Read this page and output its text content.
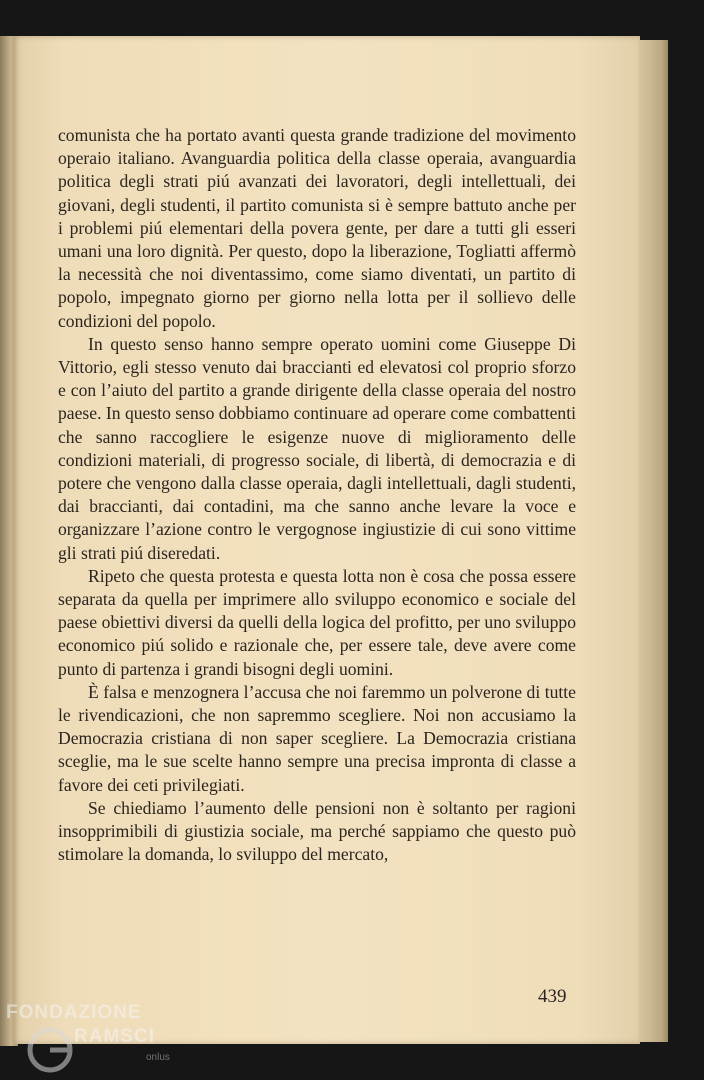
comunista che ha portato avanti questa grande tradizione del movimento operaio italiano. Avanguardia politica della classe operaia, avanguardia politica degli strati piú avanzati dei lavoratori, degli intellettuali, dei giovani, degli studenti, il partito comunista si è sempre battuto anche per i problemi piú elementari della povera gente, per dare a tutti gli esseri umani una loro dignità. Per questo, dopo la liberazione, Togliatti affermò la necessità che noi diventassimo, come siamo diventati, un partito di popolo, impegnato giorno per giorno nella lotta per il sollievo delle condizioni del popolo.

In questo senso hanno sempre operato uomini come Giuseppe Di Vittorio, egli stesso venuto dai braccianti ed elevatosi col proprio sforzo e con l’aiuto del partito a grande dirigente della classe operaia del nostro paese. In questo senso dobbiamo continuare ad operare come combattenti che sanno raccogliere le esigenze nuove di miglioramento delle condizioni materiali, di progresso sociale, di libertà, di democrazia e di potere che vengono dalla classe operaia, dagli intellettuali, dagli studenti, dai braccianti, dai contadini, ma che sanno anche levare la voce e organizzare l’azione contro le vergognose ingiustizie di cui sono vittime gli strati piú diseredati.

Ripeto che questa protesta e questa lotta non è cosa che possa essere separata da quella per imprimere allo sviluppo economico e sociale del paese obiettivi diversi da quelli della logica del profitto, per uno sviluppo economico piú solido e razionale che, per essere tale, deve avere come punto di partenza i grandi bisogni degli uomini.

È falsa e menzognera l’accusa che noi faremmo un polverone di tutte le rivendicazioni, che non sapremmo scegliere. Noi non accusiamo la Democrazia cristiana di non saper scegliere. La Democrazia cristiana sceglie, ma le sue scelte hanno sempre una precisa impronta di classe a favore dei ceti privilegiati.

Se chiediamo l’aumento delle pensioni non è soltanto per ragioni insopprimibili di giustizia sociale, ma perché sappiamo che questo può stimolare la domanda, lo sviluppo del mercato,

439
FONDAZIONE
RAMSCI
onlus
